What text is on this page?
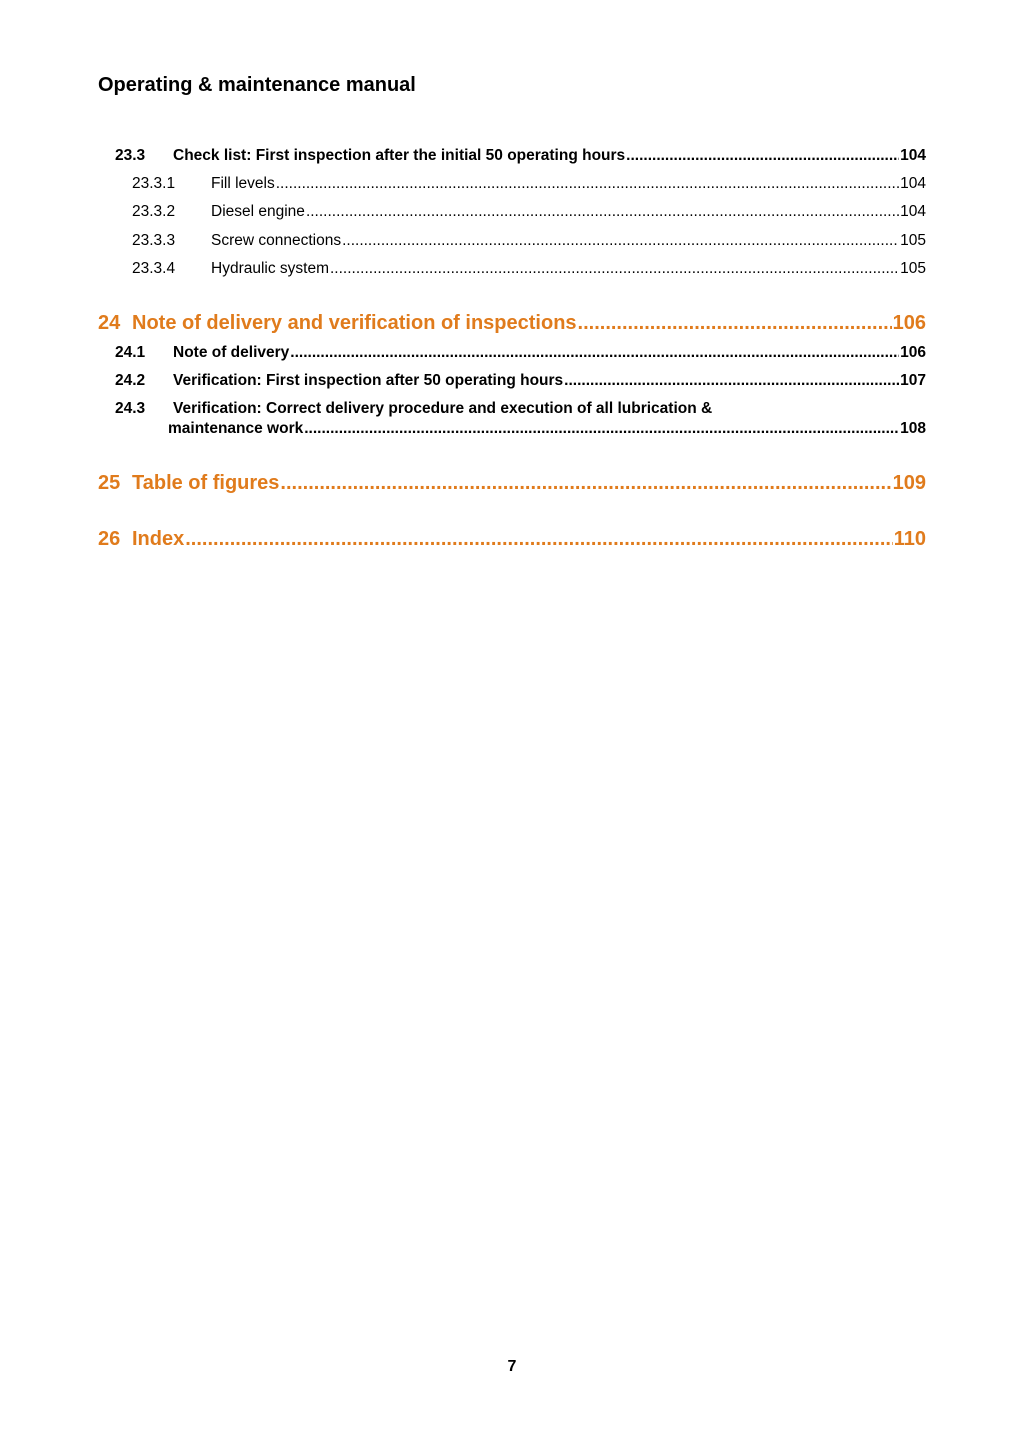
Operating & maintenance manual
23.3	Check list: First inspection after the initial 50 operating hours .....	104
23.3.1	Fill levels .....	104
23.3.2	Diesel engine .....	104
23.3.3	Screw connections .....	105
23.3.4	Hydraulic system .....	105
24 Note of delivery and verification of inspections .....	106
24.1	Note of delivery .....	106
24.2	Verification: First inspection after 50 operating hours .....	107
24.3 Verification: Correct delivery procedure and execution of all lubrication &
maintenance work .....	108
25 Table of figures .....	109
26 Index .....	110
7
